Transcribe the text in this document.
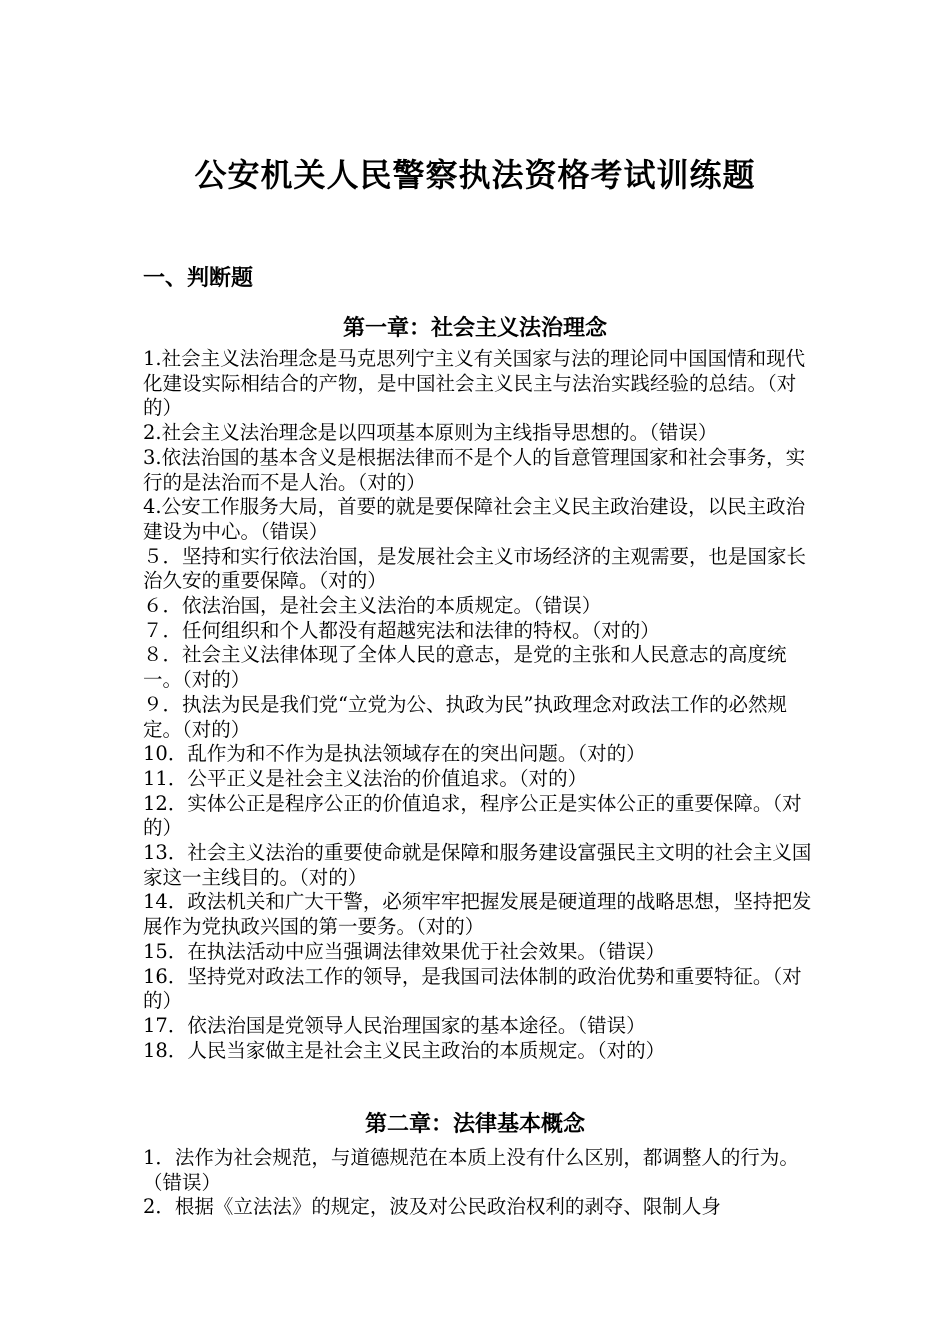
公安机关人民警察执法资格考试训练题
一、判断题
第一章：社会主义法治理念
1.社会主义法治理念是马克思列宁主义有关国家与法的理论同中国国情和现代化建设实际相结合的产物，是中国社会主义民主与法治实践经验的总结。（对的）
2.社会主义法治理念是以四项基本原则为主线指导思想的。（错误）
3.依法治国的基本含义是根据法律而不是个人的旨意管理国家和社会事务，实行的是法治而不是人治。（对的）
4.公安工作服务大局，首要的就是要保障社会主义民主政治建设，以民主政治建设为中心。（错误）
５．坚持和实行依法治国，是发展社会主义市场经济的主观需要，也是国家长治久安的重要保障。（对的）
６．依法治国，是社会主义法治的本质规定。（错误）
７．任何组织和个人都没有超越宪法和法律的特权。（对的）
８．社会主义法律体现了全体人民的意志，是党的主张和人民意志的高度统一。（对的）
９．执法为民是我们党“立党为公、执政为民”执政理念对政法工作的必然规定。（对的）
10．乱作为和不作为是执法领域存在的突出问题。（对的）
11．公平正义是社会主义法治的价值追求。（对的）
12．实体公正是程序公正的价值追求，程序公正是实体公正的重要保障。（对的）
13．社会主义法治的重要使命就是保障和服务建设富强民主文明的社会主义国家这一主线目的。（对的）
14．政法机关和广大干警，必须牢牢把握发展是硬道理的战略思想，坚持把发展作为党执政兴国的第一要务。（对的）
15．在执法活动中应当强调法律效果优于社会效果。（错误）
16．坚持党对政法工作的领导，是我国司法体制的政治优势和重要特征。（对的）
17．依法治国是党领导人民治理国家的基本途径。（错误）
18．人民当家做主是社会主义民主政治的本质规定。（对的）
第二章：法律基本概念
1．法作为社会规范，与道德规范在本质上没有什么区别，都调整人的行为。（错误）
2．根据《立法法》的规定，波及对公民政治权利的剥夺、限制人身
